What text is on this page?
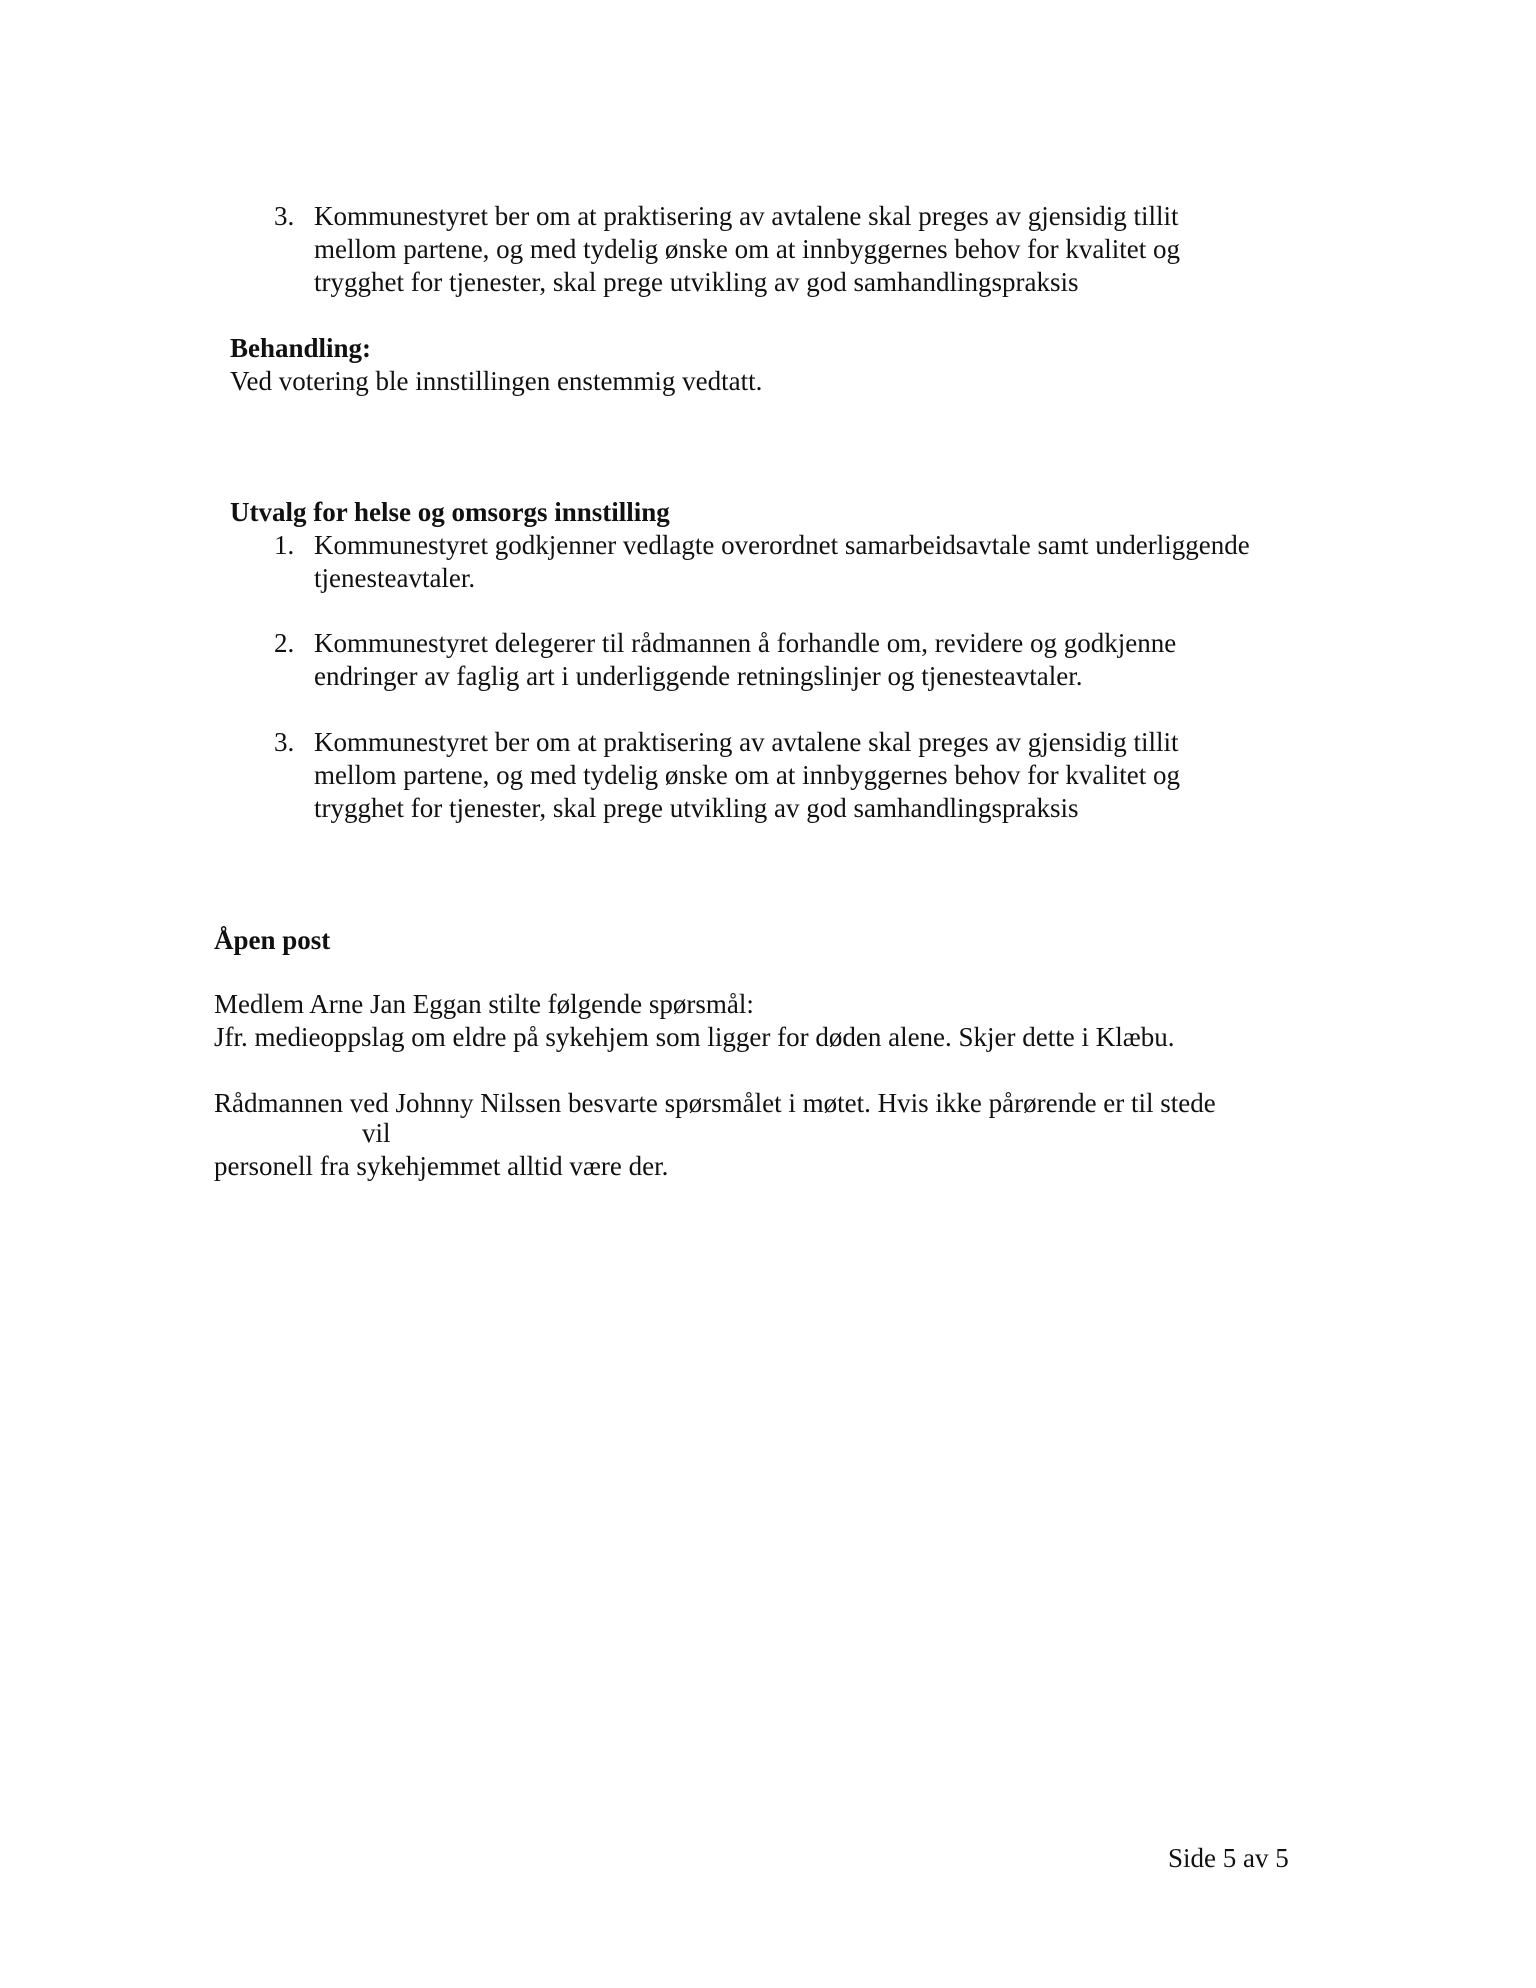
3. Kommunestyret ber om at praktisering av avtalene skal preges av gjensidig tillit
mellom partene, og med tydelig ønske om at innbyggernes behov for kvalitet og
trygghet for tjenester, skal prege utvikling av god samhandlingspraksis
Behandling:
Ved votering ble innstillingen enstemmig vedtatt.
Utvalg for helse og omsorgs innstilling
1. Kommunestyret godkjenner vedlagte overordnet samarbeidsavtale samt underliggende
tjenesteavtaler.
2. Kommunestyret delegerer til rådmannen å forhandle om, revidere og godkjenne
endringer av faglig art i underliggende retningslinjer og tjenesteavtaler.
3. Kommunestyret ber om at praktisering av avtalene skal preges av gjensidig tillit
mellom partene, og med tydelig ønske om at innbyggernes behov for kvalitet og
trygghet for tjenester, skal prege utvikling av god samhandlingspraksis
Åpen post
Medlem Arne Jan Eggan stilte følgende spørsmål:
Jfr. medieoppslag om eldre på sykehjem som ligger for døden alene. Skjer dette i Klæbu.
Rådmannen ved Johnny Nilssen besvarte spørsmålet i møtet. Hvis ikke pårørende er til stede
vil
personell fra sykehjemmet alltid være der.
Side 5 av 5
